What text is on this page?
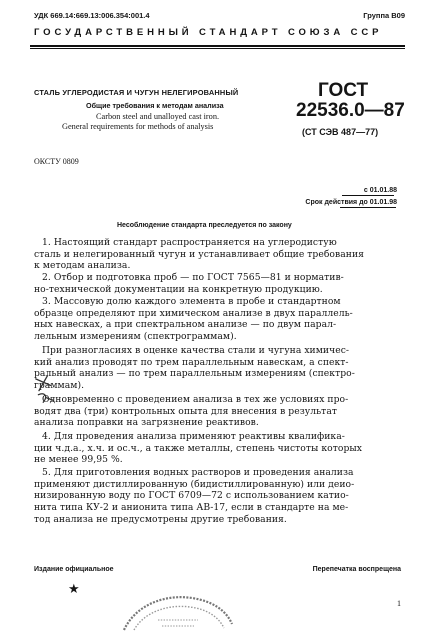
УДК 669.14:669.13:006.354:001.4	Группа В09
ГОСУДАРСТВЕННЫЙ СТАНДАРТ СОЮЗА ССР
СТАЛЬ УГЛЕРОДИСТАЯ И ЧУГУН НЕЛЕГИРОВАННЫЙ
Общие требования к методам анализа
Carbon steel and unalloyed cast iron.
General requirements for methods of analysis
ГОСТ
22536.0—87
(СТ СЭВ 487—77)
ОКСТУ 0809
с 01.01.88
Срок действия до 01.01.98
Несоблюдение стандарта преследуется по закону
1. Настоящий стандарт распространяется на углеродистую
сталь и нелегированный чугун и устанавливает общие требования
к методам анализа.
2. Отбор и подготовка проб — по ГОСТ 7565—81 и норматив-
но-технической документации на конкретную продукцию.
3. Массовую долю каждого элемента в пробе и стандартном
образце определяют при химическом анализе в двух параллель-
ных навесках, а при спектральном анализе — по двум парал-
лельным измерениям (спектрограммам).
При разногласиях в оценке качества стали и чугуна химичес-
кий анализ проводят по трем параллельным навескам, а спект-
ральный анализ — по трем параллельным измерениям (спектро-
граммам).
Одновременно с проведением анализа в тех же условиях про-
водят два (три) контрольных опыта для внесения в результат
анализа поправки на загрязнение реактивов.
4. Для проведения анализа применяют реактивы квалифика-
ции ч.д.а., х.ч. и ос.ч., а также металлы, степень чистоты которых
не менее 99,95 %.
5. Для приготовления водных растворов и проведения анализа
применяют дистиллированную (бидистиллированную) или деио-
низированную воду по ГОСТ 6709—72 с использованием катио-
нита типа КУ-2 и анионита типа АВ-17, если в стандарте на ме-
тод анализа не предусмотрены другие требования.
Издание официальное	Перепечатка воспрещена
★
1
